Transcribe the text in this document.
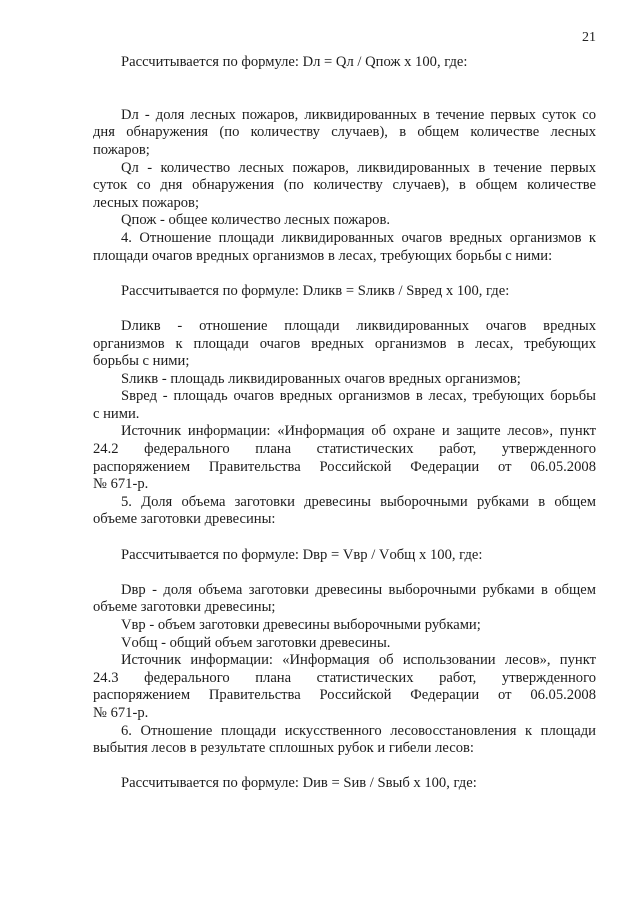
21
Рассчитывается по формуле: Dл = Qл / Qпож х 100, где:
Dл - доля лесных пожаров, ликвидированных в течение первых суток со
дня обнаружения (по количеству случаев), в общем количестве лесных
пожаров;
Qл - количество лесных пожаров, ликвидированных в течение первых
суток со дня обнаружения (по количеству случаев), в общем количестве
лесных пожаров;
Qпож - общее количество лесных пожаров.
4. Отношение площади ликвидированных очагов вредных организмов к
площади очагов вредных организмов в лесах, требующих борьбы с ними:
Рассчитывается по формуле: Dликв = Sликв / Sвред х 100, где:
Dликв - отношение площади ликвидированных очагов вредных
организмов к площади очагов вредных организмов в лесах, требующих
борьбы с ними;
Sликв - площадь ликвидированных очагов вредных организмов;
Sвред - площадь очагов вредных организмов в лесах, требующих борьбы
с ними.
Источник информации: «Информация об охране и защите лесов», пункт
24.2 федерального плана статистических работ, утвержденного
распоряжением Правительства Российской Федерации от 06.05.2008
№ 671-р.
5. Доля объема заготовки древесины выборочными рубками в общем
объеме заготовки древесины:
Рассчитывается по формуле: Dвр = Vвр / Vобщ х 100, где:
Dвр - доля объема заготовки древесины выборочными рубками в общем
объеме заготовки древесины;
Vвр - объем заготовки древесины выборочными рубками;
Vобщ - общий объем заготовки древесины.
Источник информации: «Информация об использовании лесов», пункт
24.3 федерального плана статистических работ, утвержденного
распоряжением Правительства Российской Федерации от 06.05.2008
№ 671-р.
6. Отношение площади искусственного лесовосстановления к площади
выбытия лесов в результате сплошных рубок и гибели лесов:
Рассчитывается по формуле: Dив = Sив / Sвыб х 100, где:
